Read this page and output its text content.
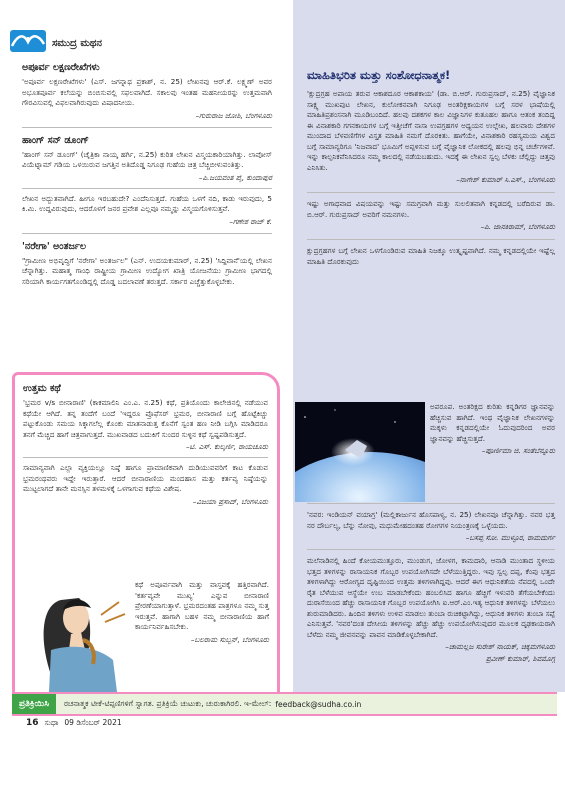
ಮಾಹಿತಿಭರಿತ ಮತ್ತು ಸಂಶೋಧನಾತ್ಮಕ!

'ಕ್ಷುದ್ರಗ್ರಹ ಅಪಾಯ ತರುವ ಆಕಾಶದೂರ ಆಕಾಶಕಾಯ' (ಡಾ. ಬಿ.ಆರ್. ಗುರುಪ್ರಸಾದ್, ನ.25) ವೈಜ್ಞಾನಿಕ ಸಾಕ್ಷ್ಯ ಮುಖಪುಟ ಲೇಖನ, ಕುಲೋಕನವಾಗಿ ನಿಗೂಢ ಅಂತರಿಕ್ಷಕಾಯಗಳ ಬಗ್ಗೆ ಸರಳ ಭಾಷೆಯಲ್ಲಿ ಮಾಹಿತಿಪ್ರಶಂಸನಾಗಿ ಮೂಡಿಬಂದಿದೆ. ಹಲವು ದಶಕಗಳ ಕಾಲ ವಿಜ್ಞಾನಿಗಳ ಕುತೂಹಲ ಹಾಗೂ ಆತಂಕ ತಂದಿದ್ದ ಈ ವಿನಾಶಕಾರಿ ಗಗನಕಾಯಗಳ ಬಗ್ಗೆ ಇತ್ತೀಚೆಗೆ ನಾಸಾ ಉಪಗ್ರಹಗಳ ಅಧ್ಯಯನ ಉಲ್ಲೇಖ, ಹಲವಾರು ದೇಶಗಳ ಮುಂದಾದ ಬೆಳವಣಿಗೆಗಳ ವಿಸ್ತೃತ ಮಾಹಿತಿ ನಮಗೆ ದೊರಕಿತು. ಹಾಗೆಯೇ, ವಿನಾಶಕಾರಿ ರಹಸ್ಯಮಯ ವಿಶ್ವದ ಬಗ್ಗೆ ಸಾಮಾನ್ಯರಿಗೂ 'ನಿಜವಾದ' ಭೂಮಿಗೆ ಅಪ್ಪಳಿಸುವ ಬಗ್ಗೆ ವೈಜ್ಞಾನಿಕ ಲೋಕದಲ್ಲಿ ಹಲವು ಭಿನ್ನ ಚರ್ಚೆಗಳಿವೆ. ಇನ್ನು ಕಾಲ್ಪನಿಕವೆನಿಸಿದರೂ ನಮ್ಮ ಕಾಲದಲ್ಲಿ ನಡೆಯಬಹುದು. ಇದಕ್ಕೆ ಈ ಲೇಖನ ಸ್ವಲ್ಪ ಬೆಳಕು ಚೆಲ್ಲಿದ್ದು ಚಿತ್ತವು ಎನಿಸಿತು.

–ನಾಗೇಶ್ ಕುಮಾರ್ ಸಿ.ಎಸ್., ಬೆಂಗಳೂರು

ಇಷ್ಟು ಅಗಾಧವಾದ ವಿಷಯವನ್ನು ಇಷ್ಟು ಸಮಗ್ರವಾಗಿ ಮತ್ತು ಸುಲಲಿತವಾಗಿ ಕನ್ನಡದಲ್ಲಿ ಬರೆದಿರುವ ಡಾ. ಬಿ.ಆರ್. ಗುರುಪ್ರಸಾದ್ ಅವರಿಗೆ ನಮನಗಳು.

–ಪಿ. ಜಾನಕಿರಾಮ್, ಬೆಂಗಳೂರು

ಕ್ಷುದ್ರಗ್ರಹಗಳ ಬಗ್ಗೆ ಲೇಖನ ಒಳಗೊಂಡಿರುವ ಮಾಹಿತಿ ನಿಜಕ್ಕೂ ಉತ್ಕೃಷ್ಟವಾಗಿದೆ. ನಮ್ಮ ಕನ್ನಡದಲ್ಲಿಯೇ ಇಷ್ಟೆಲ್ಲ ಮಾಹಿತಿ ದೊರಕುವುದು

ಅಪರೂಪ. ಅಂತರಿಕ್ಷದ ಕುರಿತು ಕನ್ನಡಿಗರ ಜ್ಞಾನವನ್ನು ಹೆಚ್ಚಿಸುವ ಹಾಗಿದೆ. ಇಂಥ ವೈಜ್ಞಾನಿಕ ಲೇಖನಗಳನ್ನು ಮಕ್ಕಳು ಕನ್ನಡದಲ್ಲಿಯೇ ಓದುವುದರಿಂದ ಅವರ ಜ್ಞಾನವನ್ನು ಹೆಚ್ಚಿಸುತ್ತದೆ.

–ಪೂರ್ಣಿಮಾ ಜಿ. ಸಂತೆಬೆನ್ನೂರು

'ನವರ: ಇಂಡಿಯನ್ ವಯಾಗ್ರ' (ಮಲ್ಲಿಕಾರ್ಜುನ ಹೊಸಪಾಳ್ಯ, ನ. 25) ಲೇಖನವೂ ಚೆನ್ನಾಗಿತ್ತು. ನವರ ಭತ್ತ ನರ ದೌರ್ಬಲ್ಯ, ಬೆನ್ನು ನೋವು, ಮಧುಮೇಹದಂತಹ ರೋಗಗಳ ನಿಯಂತ್ರಣಕ್ಕೆ ಒಳ್ಳೆಯದು.

–ಬಸಪ್ಪ ಸೋ. ಮುಳ್ಳೂರ, ರಾಮದುರ್ಗ

ಮಲೆನಾಡಿನಲ್ಲಿ ಹಿಂದೆ ಕೋಯಮುತ್ತೂರು, ಮುಂಡುಗ, ಜೋಳಗ, ಕಾಮದಾರಿ, ಆನಾಡಿ ಮುಂತಾದ ಸ್ಥಳೀಯ ಭತ್ತದ ತಳಿಗಳನ್ನು ರಾಸಾಯನಿಕ ಗೊಬ್ಬರ ಉಪಯೋಗಿಸದೇ ಬೆಳೆಯುತ್ತಿದ್ದರು. ಇವು ಸ್ವಲ್ಪ ದಪ್ಪ, ಕೆಂಪು ಭತ್ತದ ತಳಿಗಳಾಗಿದ್ದು ಆರೋಗ್ಯದ ದೃಷ್ಟಿಯಿಂದ ಉತ್ತಮ ತಳಿಗಳಾಗಿದ್ದವು. ಆದರೆ ಈಗ ಆಧುನಿಕತೆಯ ನೆಪದಲ್ಲಿ ಒಂದೇ ರೈತ ಬೆಳೆಯುವ ಆಸ್ಥೆಯೇ ಉಬ ಮಾಡಬೇಕೆಂದು ಹಂಬಲಿಸಿದ ಹಾಗೂ ಹೆಚ್ಚಿಗೆ ಇಳುವರಿ ತೆಗೆಯಬೇಕೆಂದು ದುರಾಸೆಯಿಂದ ಹೆಚ್ಚು ರಾಸಾಯನಿಕ ಗೊಬ್ಬರ ಉಪಯೋಗಿಸಿ ಐ.ಆರ್.ಎಂ.ಇತ್ಯ ಆಧುನಿಕ ತಳಿಗಳನ್ನು ಬೆಳೆಯಲು ಶುರುಮಾಡಿದರು. ಹಿಂದಿನ ತಳಿಗಳು ಉಳಿವ ಮಾಡಲು ತುಂಬಾ ರುಚಿಕಟ್ಟಾಗಿದ್ದು, ಆಧುನಿಕ ತಳಿಗಳು ತುಂಬಾ ಸಪ್ಪೆ ಎನಿಸುತ್ತವೆ. 'ನವರ'ದಂತ ದೇಸೀಯ ತಳಿಗಳನ್ನು ಹೆಚ್ಚು ಹೆಚ್ಚು ಉಪಯೋಗಿಸುವುದರ ಮೂಲಕ ದೃಢಕಾಯರಾಗಿ ಬೆಳೆದು ನಮ್ಮ ಜೀವನವನ್ನು ಪಾವನ ಮಾಡಿಕೊಳ್ಳಬೇಕಾಗಿದೆ.

–ಚಾಮಲ್ಲಜ ಸುರೇಶ್ ನಾಯಕ್, ಚಿಕ್ಕಮಗಳೂರು
ಪ್ರವೀಣ್ ಕುಮಾರ್, ಶಿವಮೊಗ್ಗ
ಸಮುದ್ರ ಮಥನ
ಅಪೂರ್ವ ಲಕ್ಷಣರೇಖೆಗಳು

'ಅಪೂರ್ವ ಲಕ್ಷಣರೇಖೆಗಳು' (ಎಸ್. ಜಗನ್ನಾಥ ಪ್ರಕಾಶ್, ನ. 25) ಲೇಖನವು ಆರ್.ಕೆ. ಲಕ್ಷ್ಮಣ್ ಅವರ ಅಭೂತಪೂರ್ವ ಕಲೆಯನ್ನು ಬಿಂಬಿಸುವಲ್ಲಿ ಸಫಲವಾಗಿದೆ. ಸಕಾಲವು ಇಂತಹ ಮಹನೀಯರನ್ನು ಉತ್ತಮವಾಗಿ ಗೌರವಿಸುವಲ್ಲಿ ವಿಫಲವಾಗಿರುವುದು ವಿಷಾದನೀಯ.

–ಗುರುರಾಜ ಜೋಶಿ, ಬೆಂಗಳೂರು
ಹಾಂಗ್ ಸನ್ ಡೂಂಗ್

'ಹಾಂಗ್ ಸನ್ ಡೂಂಗ್' (ಚೈತ್ರಿಕಾ ನಾಯ್ಕ ಹರ್ಗಿ, ನ.25) ಕುರಿತ ಲೇಖನ ವಿಸ್ಮಯಕಾರಿಯಾಗಿತ್ತು. ಲಾವೋಸ್ ವಿಯೆಟ್ನಾಮ್ ಗಡಿಯ ಒಳಯಿರುವ ಜಗತ್ತಿನ ಅತಿದೊಡ್ಡ ನಿಗೂಢ ಗುಹೆಯ ಚಿತ್ರ ಬೆಚ್ಚಿಬೀಳುವಂತಿತ್ತು.

–ಪಿ.ಜಯವಂತ ಪೈ, ಕುಂದಾಪುರ

ಲೇಖನ ಅದ್ಭುತವಾಗಿದೆ. ಹೀಗೂ ಇರಬಹುದೇ? ಎಂದೆನಿಸುತ್ತದೆ. ಗುಹೆಯ ಒಳಗೆ ನದಿ, ಕಾಡು ಇರುವುದು, 5 ಕಿ.ಮಿ. ಉದ್ದವಿರುವುದು, ಆದರೊಳಗೆ ಜನರ ಪ್ರವೇಶ ಎಲ್ಲವೂ ನಮ್ಮನ್ನು ವಿಸ್ಮಯಗೊಳಿಸುತ್ತವೆ.

–ಗಣೇಶ ರಾಜ್ ಕೆ.
'ನರೇಗಾ' ಅಂತರ್ಜಲ

"ಗ್ರಾಮೀಣ ಅಭಿವೃದ್ಧಿಗೆ 'ನರೇಗಾ' ಅಂತರ್ಜಲ" (ಎನ್. ಉದಯಕುಮಾರ್, ನ.25) 'ಸಿದ್ದಿವಾನೆ'ಯಲ್ಲಿ ಲೇಖನ ಚೆನ್ನಾಗಿತ್ತು. ಮಹಾತ್ಮ ಗಾಂಧಿ ರಾಷ್ಟ್ರೀಯ ಗ್ರಾಮೀಣ ಉದ್ಯೋಗ ಖಾತ್ರಿ ಯೋಜನೆಯು ಗ್ರಾಮೀಣ ಭಾಗದಲ್ಲಿ ಸರಿಯಾಗಿ ಕಾರ್ಯಗತಗೊಂಡಿದ್ದಲ್ಲಿ ದೊಡ್ಡ ಬದಲಾವಣೆ ತರುತ್ತದೆ. ಸರ್ಕಾರ ಎಚ್ಚೆತ್ತುಕೊಳ್ಳಬೇಕು.

ಉತ್ತಮ ಕಥೆ

'ಭ್ರಮರ v/s ಬೀನಾರಾಣಿ' (ಕಾಕಮಾಲಿನಿ ಎಂ.ಎ. ನ.25) ಕಥೆ, ಪ್ರತಿಯೊಂದು ಕಾಲೇಜಿನಲ್ಲಿ ನಡೆಯುವ ಕಥೆಯೇ ಆಗಿದೆ. ತನ್ನ ತಂದೆಗೆ ಬಂದೆ 'ಇದ್ದರೂ ಪ್ರೊಫೆಸರ್ ಭ್ರಮರ, ಬೀನಾರಾಣಿ ಬಗ್ಗೆ ಹೊಟ್ಟೆಕಿಚ್ಚು ಪಟ್ಟುಕೊಂಡು ಸಮಯ ಸಿಕ್ಕಾಗಲೆಲ್ಲ ಕೊಂಕು ಮಾತನಾಡುತ್ತ ಕೊನೆಗೆ ಸ್ವಂತ ಹಣ ನೀಡಿ ಬಗ್ಗಿಸಿ ಮಾಡಿದರೂ ತನಗೆ ಮೆಚ್ಚಿದ ಹಾಗೆ ಚಿತ್ರವಾಗುತ್ತದೆ. ಮುಖವಾಡದ ಬದುಕಿಗೆ ಸುಂದರ ಸುಳ್ಳಿನ ಕಥೆ ಸ್ವಷ್ಟಪಡಿಸುತ್ತದೆ.

–ಟಿ. ಎಸ್. ಕುಲ್ಕರ್ಣಿ, ರಾಯಚೂರು

ಸಾಮಾನ್ಯವಾಗಿ ಎಲ್ಲಾ ವ್ಯಕ್ತಿಯಲ್ಲೂ ನಿಷ್ಠೆ ಹಾಗೂ ಪ್ರಾಮಾಣಿಕವಾಗಿ ದುಡಿಯುವವರಿಗೆ ಕಾಟ ಕೊಡುವ ಭ್ರಮರಂಥವರು ಇದ್ದೇ ಇರುತ್ತಾರೆ. ಆದರೆ ಬೀನಾರಾಣಿಯ ಮಂದಹಾಸ ಮತ್ತು ಕರ್ತವ್ಯ ನಿಷ್ಠೆಯನ್ನು ಮುಟ್ಟಲಾಗದೆ ತಾನೇ ಮನಸ್ಸಿನ ತಳಮಳಕ್ಕೆ ಒಳಗಾಗುವ ಕಥೆಯ ವಿಶೇಷ.

–ವಿಜಯಾ ಪ್ರಸಾದ್, ಬೆಂಗಳೂರು

ಕಥೆ ಅಪೂರ್ವವಾಗಿ ಮತ್ತು ವಾಸ್ತವಕ್ಕೆ ಹತ್ತಿರವಾಗಿದೆ. 'ಕರ್ತವ್ಯವೇ ಮುಖ್ಯ' ಎನ್ನುವ ಬೀನಾರಾಣಿ ಪ್ರೇರಣೆಯಾಗುತ್ತಾಳೆ. ಭ್ರಮರದಂತಹ ಪಾತ್ರಗಳೂ ನಮ್ಮ ಸುತ್ತ ಇರುತ್ತವೆ. ಹಾಗಾಗಿ ಬಹಳ ನಮ್ಮ ಬೀನಾರಾಣಿಯ ಹಾಗೆ ಕಾರ್ಯನಿರ್ವಹಿಸಬೇಕು.

–ಬಲರಾಮ ಸುಬ್ಬನ್, ಬೆಂಗಳೂರು
ಪ್ರತಿಕ್ರಿಯಿಸಿ	ರಚನಾತ್ಮಕ ಟೀಕೆ-ಟಿಪ್ಪಣಿಗಳಿಗೆ ಸ್ವಾಗತ. ಪ್ರತಿಕ್ರಿಯೆ ಚುಟುಕು, ಚುರುಕಾಗಿರಲಿ. ಇ-ಮೇಲ್: feedback@sudha.co.in
16 ಸುಧಾ 09 ಡಿಸೆಂಬರ್ 2021
